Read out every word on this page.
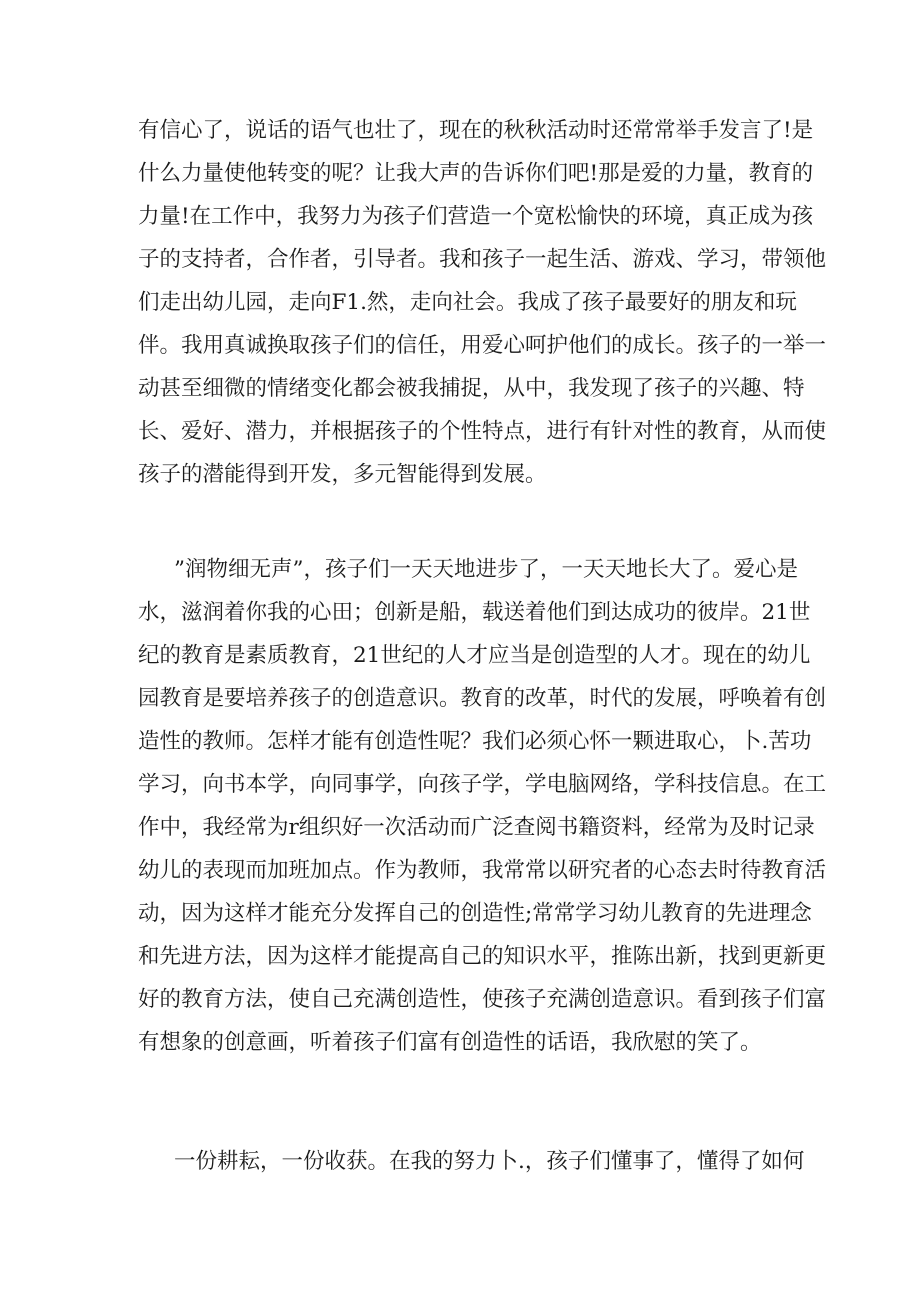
有信心了，说话的语气也壮了，现在的秋秋活动时还常常举手发言了!是
什么力量使他转变的呢？让我大声的告诉你们吧!那是爱的力量，教育的
力量!在工作中，我努力为孩子们营造一个宽松愉快的环境，真正成为孩
子的支持者，合作者，引导者。我和孩子一起生活、游戏、学习，带领他
们走出幼儿园，走向F1.然，走向社会。我成了孩子最要好的朋友和玩
伴。我用真诚换取孩子们的信任，用爱心呵护他们的成长。孩子的一举一
动甚至细微的情绪变化都会被我捕捉，从中，我发现了孩子的兴趣、特
长、爱好、潜力，并根据孩子的个性特点，进行有针对性的教育，从而使
孩子的潜能得到开发，多元智能得到发展。

”润物细无声”，孩子们一天天地进步了，一天天地长大了。爱心是
水，滋润着你我的心田；创新是船，载送着他们到达成功的彼岸。21世
纪的教育是素质教育，21世纪的人才应当是创造型的人才。现在的幼儿
园教育是要培养孩子的创造意识。教育的改革，时代的发展，呼唤着有创
造性的教师。怎样才能有创造性呢？我们必须心怀一颗进取心，卜.苦功
学习，向书本学，向同事学，向孩子学，学电脑网络，学科技信息。在工
作中，我经常为r组织好一次活动而广泛查阅书籍资料，经常为及时记录
幼儿的表现而加班加点。作为教师，我常常以研究者的心态去时待教育活
动，因为这样才能充分发挥自己的创造性;常常学习幼儿教育的先进理念
和先进方法，因为这样才能提高自己的知识水平，推陈出新，找到更新更
好的教育方法，使自己充满创造性，使孩子充满创造意识。看到孩子们富
有想象的创意画，听着孩子们富有创造性的话语，我欣慰的笑了。

一份耕耘，一份收获。在我的努力卜.，孩子们懂事了，懂得了如何
